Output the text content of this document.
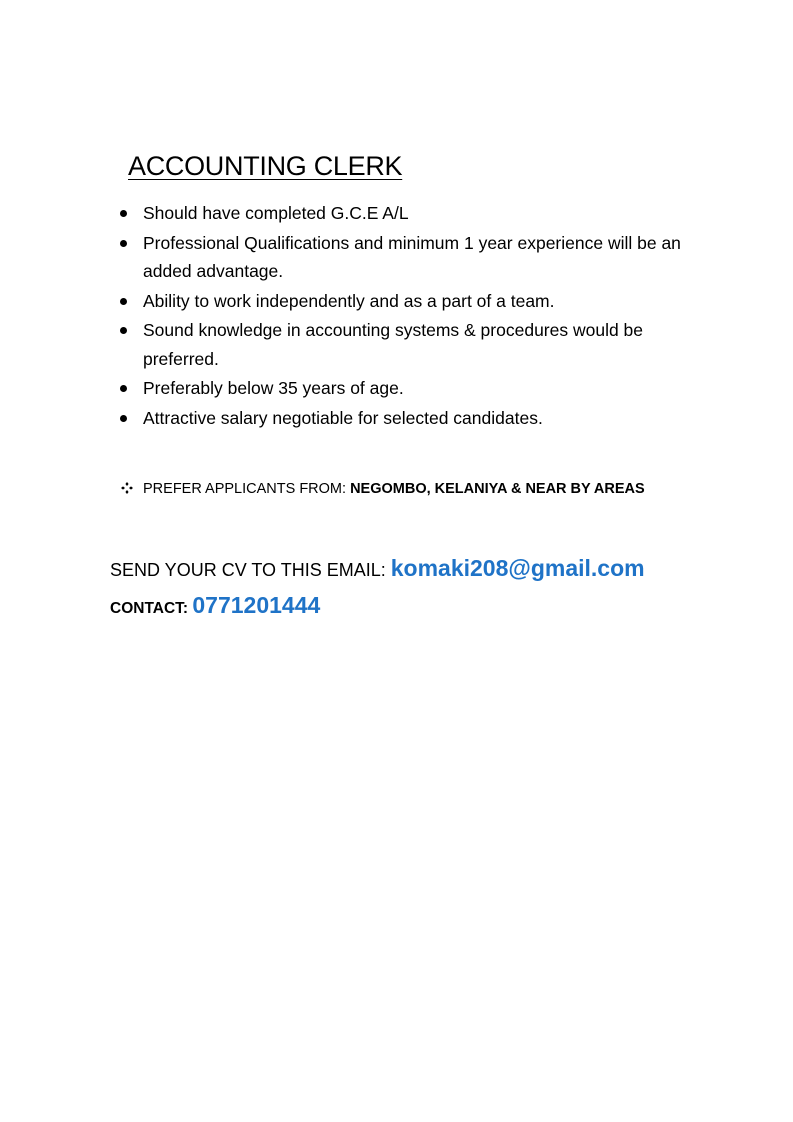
ACCOUNTING CLERK
Should have completed G.C.E A/L
Professional Qualifications and minimum 1 year experience will be an added advantage.
Ability to work independently and as a part of a team.
Sound knowledge in accounting systems & procedures would be preferred.
Preferably below 35 years of age.
Attractive salary negotiable for selected candidates.
PREFER APPLICANTS FROM: NEGOMBO, KELANIYA & NEAR BY AREAS
SEND YOUR CV TO THIS EMAIL: komaki208@gmail.com
CONTACT: 0771201444
